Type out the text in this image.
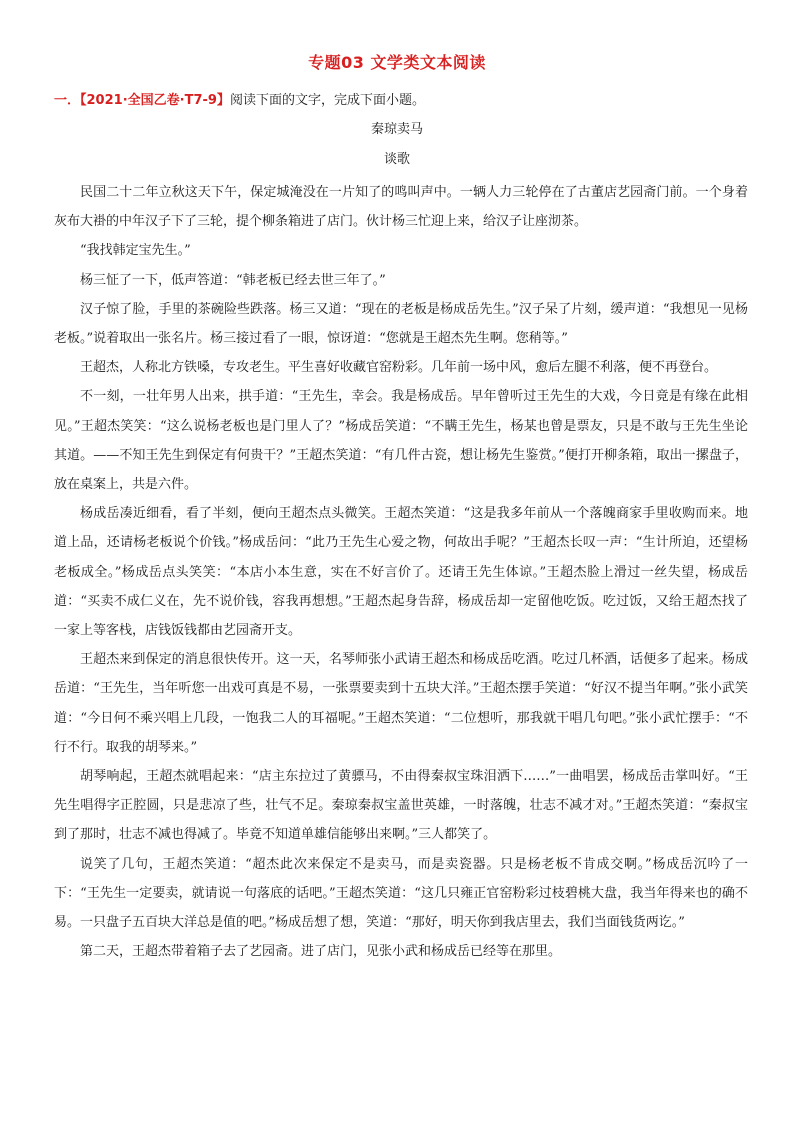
专题03 文学类文本阅读
一．【2021·全国乙卷·T7-9】阅读下面的文字，完成下面小题。
秦琼卖马
谈歌

民国二十二年立秋这天下午，保定城淹没在一片知了的鸣叫声中。一辆人力三轮停在了古董店艺园斋门前。一个身着灰布大褂的中年汉子下了三轮，提个柳条箱进了店门。伙计杨三忙迎上来，给汉子让座沏茶。

“我找韩定宝先生。”

杨三怔了一下，低声答道：“韩老板已经去世三年了。”

汉子惊了脸，手里的茶碗险些跌落。杨三又道：“现在的老板是杨成岳先生。”汉子呆了片刻，缓声道：“我想见一见杨老板。”说着取出一张名片。杨三接过看了一眼，惊讶道：“您就是王超杰先生啊。您稍等。”

王超杰，人称北方铁嗓，专攻老生。平生喜好收藏官窑粉彩。几年前一场中风，愈后左腿不利落，便不再登台。

不一刻，一壮年男人出来，拱手道：“王先生，幸会。我是杨成岳。早年曾听过王先生的大戏，今日竟是有缘在此相见。”王超杰笑笑：“这么说杨老板也是门里人了？”杨成岳笑道：“不瞒王先生，杨某也曾是票友，只是不敢与王先生坐论其道。——不知王先生到保定有何贵干？”王超杰笑道：“有几件古瓷，想让杨先生鉴赏。”便打开柳条箱，取出一摞盘子，放在桌案上，共是六件。

杨成岳凑近细看，看了半刻，便向王超杰点头微笑。王超杰笑道：“这是我多年前从一个落魄商家手里收购而来。地道上品，还请杨老板说个价钱。”杨成岳问：“此乃王先生心爱之物，何故出手呢？”王超杰长叹一声：“生计所迫，还望杨老板成全。”杨成岳点头笑笑：“本店小本生意，实在不好言价了。还请王先生体谅。”王超杰脸上滑过一丝失望，杨成岳道：“买卖不成仁义在，先不说价钱，容我再想想。”王超杰起身告辞，杨成岳却一定留他吃饭。吃过饭，又给王超杰找了一家上等客栈，店钱饭钱都由艺园斋开支。

王超杰来到保定的消息很快传开。这一天，名琴师张小武请王超杰和杨成岳吃酒。吃过几杯酒，话便多了起来。杨成岳道：“王先生，当年听您一出戏可真是不易，一张票要卖到十五块大洋。”王超杰摆手笑道：“好汉不提当年啊。”张小武笑道：“今日何不乘兴唱上几段，一饱我二人的耳福呢。”王超杰笑道：“二位想听，那我就干唱几句吧。”张小武忙摆手：“不行不行。取我的胡琴来。”

胡琴响起，王超杰就唱起来：“店主东拉过了黄骠马，不由得秦叔宝珠泪洒下……”一曲唱罢，杨成岳击掌叫好。“王先生唱得字正腔圆，只是悲凉了些，壮气不足。秦琼秦叔宝盖世英雄，一时落魄，壮志不减才对。”王超杰笑道：“秦叔宝到了那时，壮志不减也得减了。毕竟不知道单雄信能够出来啊。”三人都笑了。

说笑了几句，王超杰笑道：“超杰此次来保定不是卖马，而是卖瓷器。只是杨老板不肯成交啊。”杨成岳沉吟了一下：“王先生一定要卖，就请说一句落底的话吧。”王超杰笑道：“这几只雍正官窑粉彩过枝碧桃大盘，我当年得来也的确不易。一只盘子五百块大洋总是值的吧。”杨成岳想了想，笑道：“那好，明天你到我店里去，我们当面钱货两讫。”

第二天，王超杰带着箱子去了艺园斋。进了店门，见张小武和杨成岳已经等在那里。
